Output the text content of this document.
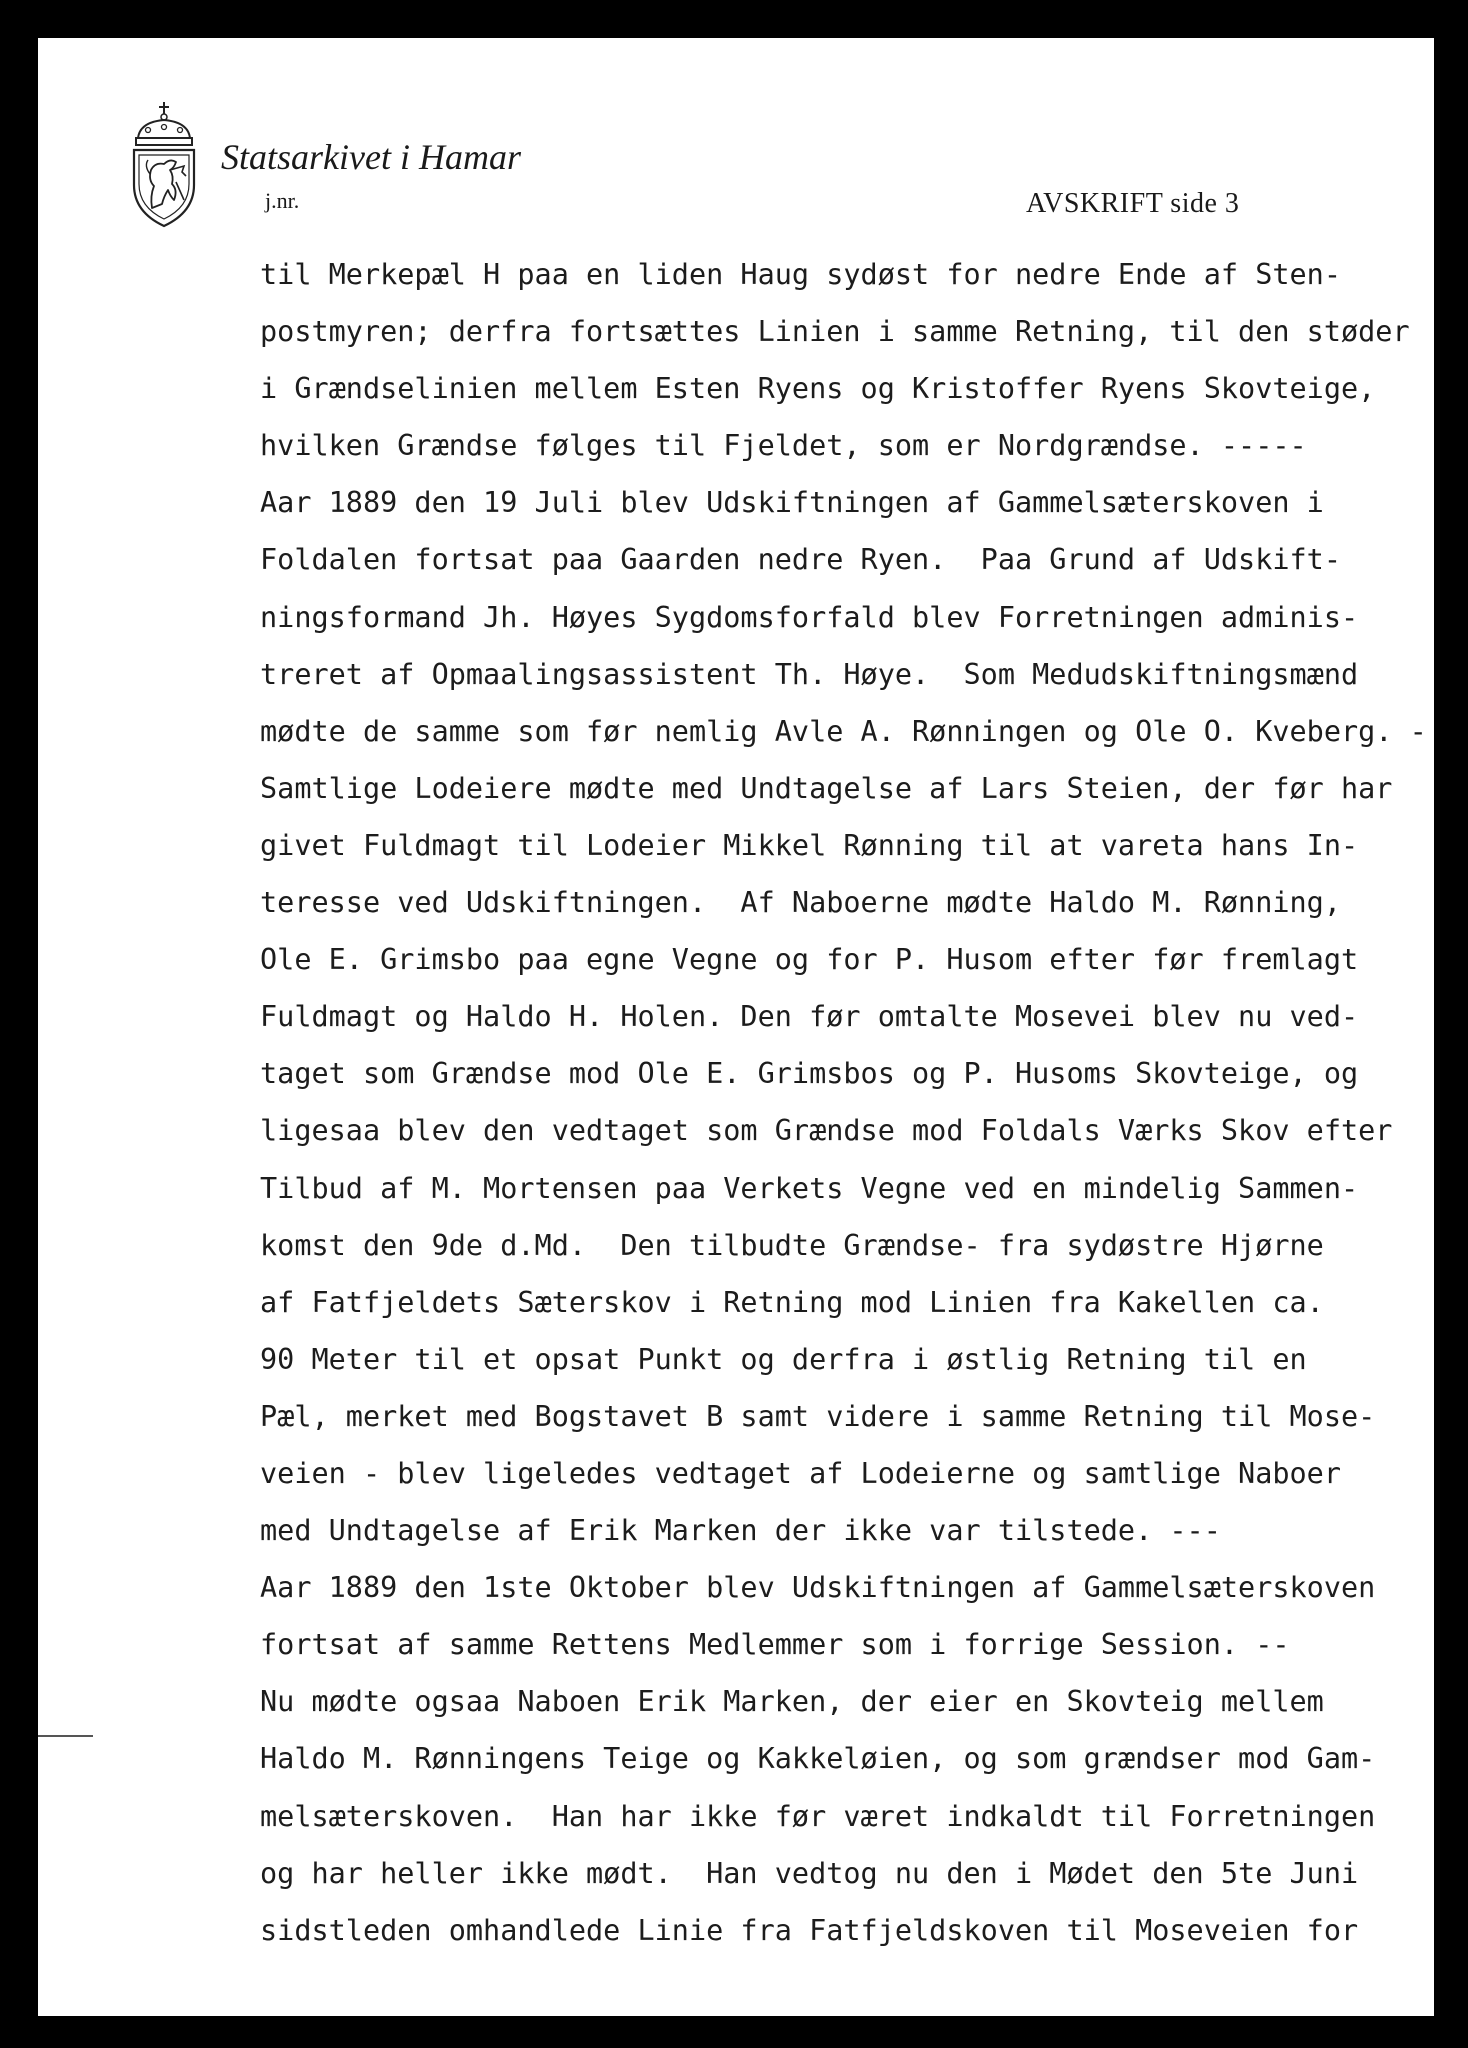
Statsarkivet i Hamar
j.nr.	AVSKRIFT side 3
til Merkepæl H paa en liden Haug sydøst for nedre Ende af Sten-
postmyren; derfra fortsættes Linien i samme Retning, til den støder
i Grændselinien mellem Esten Ryens og Kristoffer Ryens Skovteige,
hvilken Grændse følges til Fjeldet, som er Nordgrændse. -----
Aar 1889 den 19 Juli blev Udskiftningen af Gammelsæterskoven i
Foldalen fortsat paa Gaarden nedre Ryen.  Paa Grund af Udskift-
ningsformand Jh. Høyes Sygdomsforfald blev Forretningen adminis-
treret af Opmaalingsassistent Th. Høye.  Som Medudskiftningsmænd
mødte de samme som før nemlig Avle A. Rønningen og Ole O. Kveberg. -
Samtlige Lodeiere mødte med Undtagelse af Lars Steien, der før har
givet Fuldmagt til Lodeier Mikkel Rønning til at vareta hans In-
teresse ved Udskiftningen.  Af Naboerne mødte Haldo M. Rønning,
Ole E. Grimsbo paa egne Vegne og for P. Husom efter før fremlagt
Fuldmagt og Haldo H. Holen. Den før omtalte Mosevei blev nu ved-
taget som Grændse mod Ole E. Grimsbos og P. Husoms Skovteige, og
ligesaa blev den vedtaget som Grændse mod Foldals Værks Skov efter
Tilbud af M. Mortensen paa Verkets Vegne ved en mindelig Sammen-
komst den 9de d.Md.  Den tilbudte Grændse- fra sydøstre Hjørne
af Fatfjeldets Sæterskov i Retning mod Linien fra Kakellen ca.
90 Meter til et opsat Punkt og derfra i østlig Retning til en
Pæl, merket med Bogstavet B samt videre i samme Retning til Mose-
veien - blev ligeledes vedtaget af Lodeierne og samtlige Naboer
med Undtagelse af Erik Marken der ikke var tilstede. ---
Aar 1889 den 1ste Oktober blev Udskiftningen af Gammelsæterskoven
fortsat af samme Rettens Medlemmer som i forrige Session. --
Nu mødte ogsaa Naboen Erik Marken, der eier en Skovteig mellem
Haldo M. Rønningens Teige og Kakkeløien, og som grændser mod Gam-
melsæterskoven.  Han har ikke før været indkaldt til Forretningen
og har heller ikke mødt.  Han vedtog nu den i Mødet den 5te Juni
sidstleden omhandlede Linie fra Fatfjeldskoven til Moseveien for
